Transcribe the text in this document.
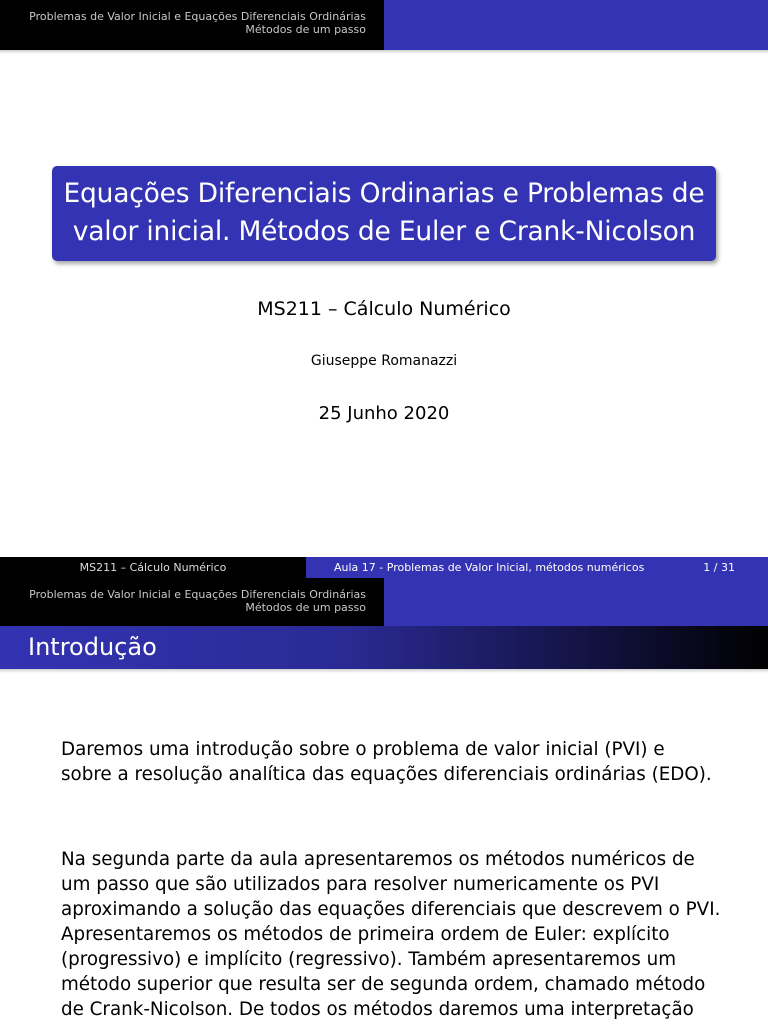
Problemas de Valor Inicial e Equações Diferenciais Ordinárias
Métodos de um passo
Equações Diferenciais Ordinarias e Problemas de
valor inicial. Métodos de Euler e Crank-Nicolson
MS211 – Cálculo Numérico
Giuseppe Romanazzi
25 Junho 2020
MS211 – Cálculo Numérico	Aula 17 - Problemas de Valor Inicial, métodos numéricos	1 / 31
Problemas de Valor Inicial e Equações Diferenciais Ordinárias
Métodos de um passo
Introdução

Daremos uma introdução sobre o problema de valor inicial (PVI) e sobre a resolução analítica das equações diferenciais ordinárias (EDO).

Na segunda parte da aula apresentaremos os métodos numéricos de um passo que são utilizados para resolver numericamente os PVI aproximando a solução das equações diferenciais que descrevem o PVI. Apresentaremos os métodos de primeira ordem de Euler: explícito (progressivo) e implícito (regressivo). Também apresentaremos um método superior que resulta ser de segunda ordem, chamado método de Crank-Nicolson. De todos os métodos daremos uma interpretação
